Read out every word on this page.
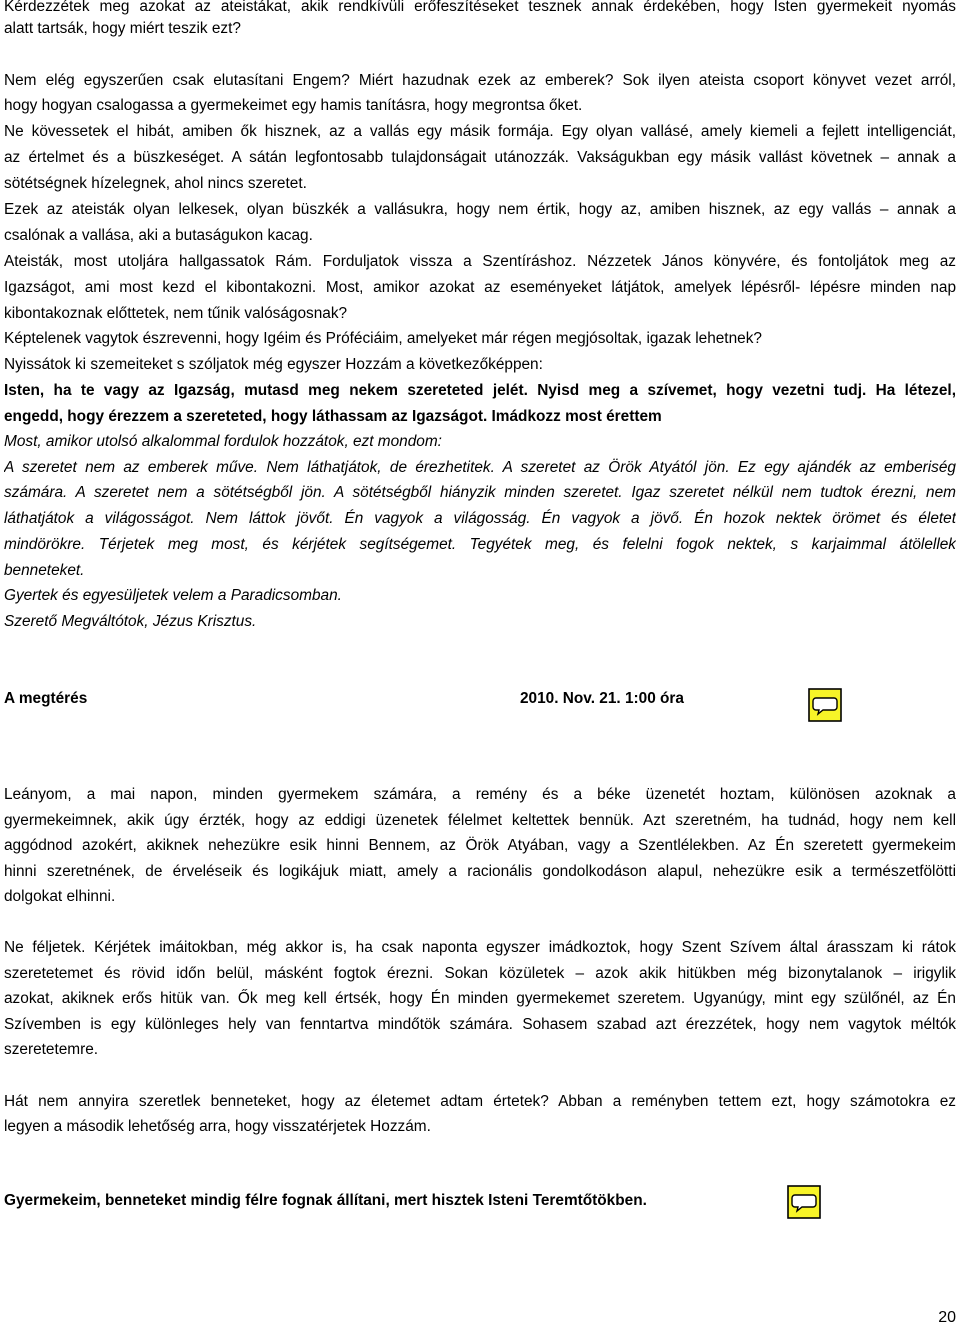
Kérdezzétek meg azokat az ateistákat, akik rendkívüli erőfeszítéseket tesznek annak érdekében, hogy Isten gyermekeit nyomás
alatt tartsák, hogy miért teszik ezt?
Nem elég egyszerűen csak elutasítani Engem? Miért hazudnak ezek az emberek? Sok ilyen ateista csoport könyvet vezet arról,
hogy hogyan csalogassa a gyermekeimet egy hamis tanításra, hogy megrontsa őket.
Ne kövessetek el hibát, amiben ők hisznek, az a vallás egy másik formája. Egy olyan vallásé, amely kiemeli a fejlett intelligenciát,
az értelmet és a büszkeséget. A sátán legfontosabb tulajdonságait utánozzák. Vakságukban egy másik vallást követnek – annak a
sötétségnek hízelegnek, ahol nincs szeretet.
Ezek az ateisták olyan lelkesek, olyan büszkék a vallásukra, hogy nem értik, hogy az, amiben hisznek, az egy vallás – annak a
csalónak a vallása, aki a butaságukon kacag.
Ateisták, most utoljára hallgassatok Rám. Forduljatok vissza a Szentíráshoz. Nézzetek János könyvére, és fontoljátok meg az
Igazságot, ami most kezd el kibontakozni. Most, amikor azokat az eseményeket látjátok, amelyek lépésről- lépésre minden nap
kibontakoznak előttetek, nem tűnik valóságosnak?
Képtelenek vagytok észrevenni, hogy Igéim és Próféciáim, amelyeket már régen megjósoltak, igazak lehetnek?
Nyissátok ki szemeiteket s szóljatok még egyszer Hozzám a következőképpen:
Isten, ha te vagy az Igazság, mutasd meg nekem szereteted jelét. Nyisd meg a szívemet, hogy vezetni tudj. Ha létezel,
engedd, hogy érezzem a szereteted, hogy láthassam az Igazságot. Imádkozz most érettem
Most, amikor utolsó alkalommal fordulok hozzátok, ezt mondom:
A szeretet nem az emberek műve. Nem láthatjátok, de érezhetitek. A szeretet az Örök Atyától jön. Ez egy ajándék az emberiség
számára. A szeretet nem a sötétségből jön. A sötétségből hiányzik minden szeretet. Igaz szeretet nélkül nem tudtok érezni, nem
láthatjátok a világosságot. Nem láttok jövőt. Én vagyok a világosság. Én vagyok a jövő. Én hozok nektek örömet és életet
mindörökre. Térjetek meg most, és kérjétek segítségemet. Tegyétek meg, és felelni fogok nektek, s karjaimmal átölellek
benneteket.
Gyertek és egyesüljetek velem a Paradicsomban.
Szerető Megváltótok, Jézus Krisztus.
A megtérés	2010. Nov. 21. 1:00 óra
Leányom, a mai napon, minden gyermekem számára, a remény és a béke üzenetét hoztam, különösen azoknak a
gyermekeimnek, akik úgy érzték, hogy az eddigi üzenetek félelmet keltettek bennük. Azt szeretném, ha tudnád, hogy nem kell
aggódnod azokért, akiknek nehezükre esik hinni Bennem, az Örök Atyában, vagy a Szentlélekben. Az Én szeretett gyermekeim
hinni szeretnének, de érveléseik és logikájuk miatt, amely a racionális gondolkodáson alapul, nehezükre esik a természetfölötti
dolgokat elhinni.
Ne féljetek. Kérjétek imáitokban, még akkor is, ha csak naponta egyszer imádkoztok, hogy Szent Szívem által árasszam ki rátok
szeretetemet és rövid időn belül, másként fogtok érezni. Sokan közületek – azok akik hitükben még bizonytalanok – irigylik
azokat, akiknek erős hitük van. Ők meg kell értsék, hogy Én minden gyermekemet szeretem. Ugyanúgy, mint egy szülőnél, az Én
Szívemben is egy különleges hely van fenntartva mindőtök számára. Sohasem szabad azt érezzétek, hogy nem vagytok méltók
szeretetemre.
Hát nem annyira szeretlek benneteket, hogy az életemet adtam értetek? Abban a reményben tettem ezt, hogy számotokra ez
legyen a második lehetőség arra, hogy visszatérjetek Hozzám.
Gyermekeim, benneteket mindig félre fognak állítani, mert hisztek Isteni Teremtőtökben.
20
